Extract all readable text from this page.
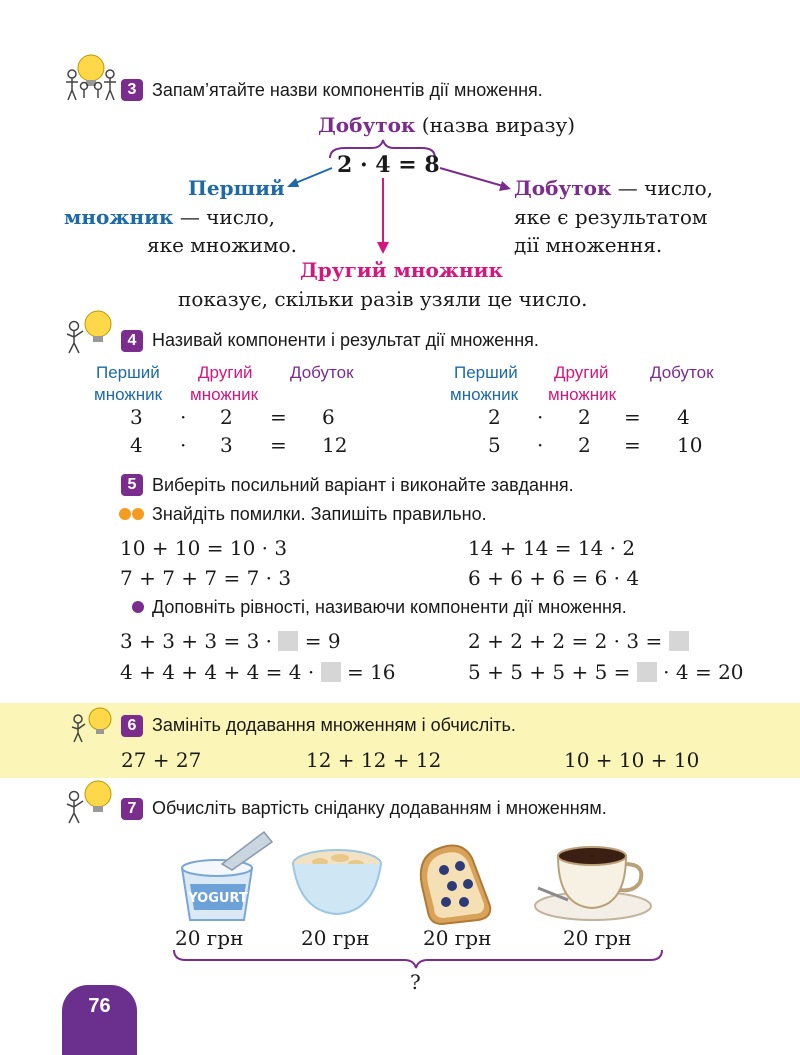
3 Запам’ятайте назви компонентів дії множення.
Добуток (назва виразу)
2 · 4 = 8
Перший
множник — число,
яке множимо.
Добуток — число,
яке є результатом
дії множення.
Другий множник
показує, скільки разів узяли це число.
4 Називай компоненти і результат дії множення.
Перший
множник
Другий
множник
Добуток
3 · 2 = 6
4 · 3 = 12
Перший
множник
Другий
множник
Добуток
2 · 2 = 4
5 · 2 = 10
5 Виберіть посильний варіант і виконайте завдання.
Знайдіть помилки. Запишіть правильно.
10 + 10 = 10 · 3	14 + 14 = 14 · 2
7 + 7 + 7 = 7 · 3	6 + 6 + 6 = 6 · 4
Доповніть рівності, називаючи компоненти дії множення.
3 + 3 + 3 = 3 ·  = 9	2 + 2 + 2 = 2 · 3 =
4 + 4 + 4 + 4 = 4 ·  = 16	5 + 5 + 5 + 5 =  · 4 = 20
6 Замініть додавання множенням і обчисліть.
27 + 27	12 + 12 + 12	10 + 10 + 10
7 Обчисліть вартість сніданку додаванням і множенням.
YOGURT
20 грн	20 грн	20 грн	20 грн
?
76
